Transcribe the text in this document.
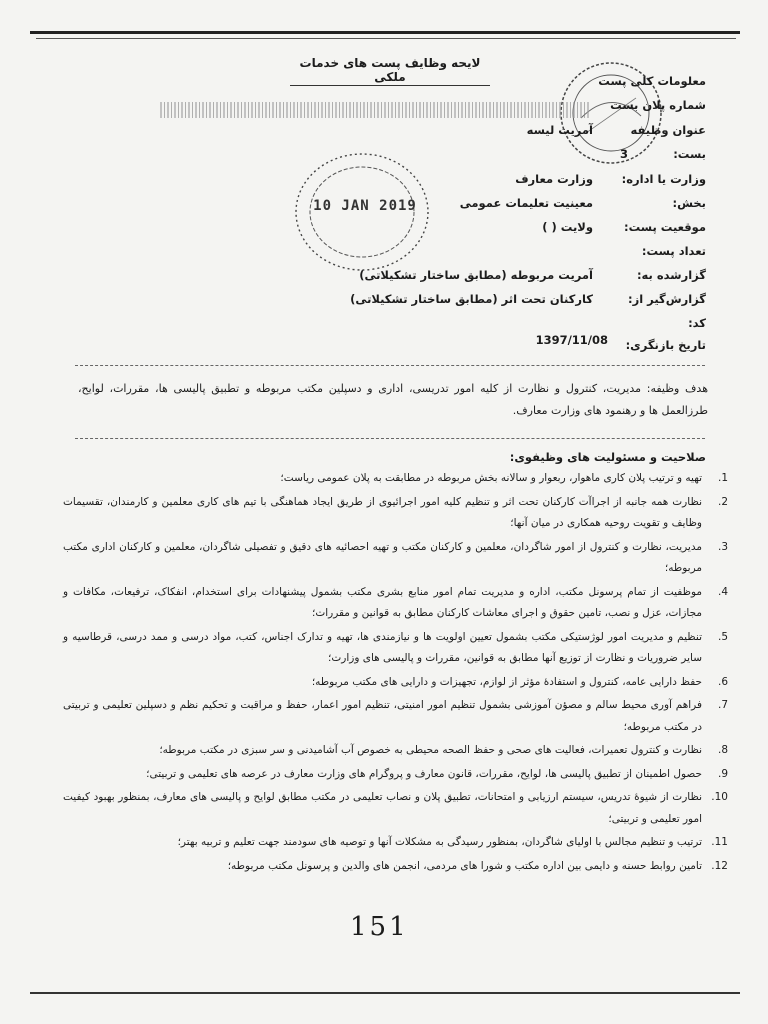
لایحه وظایف پست های خدمات ملکی	معلومات کلی پست
شماره پلان بست
عنوان وظیفه
آمریت لیسه
بست:
3
وزارت یا اداره:
وزارت معارف
بخش:
معینیت تعلیمات عمومی
موقعیت پست:
ولایت ( )
تعداد پست:
گزارشده به:
آمریت مربوطه (مطابق ساختار تشکیلاتی)
گزارش‌گیر از:
کارکنان تحت اثر (مطابق ساختار تشکیلاتی)
کد:
تاریخ بازنگری:
1397/11/08
10 JAN 2019
هدف وظیفه: مدیریت، کنترول و نظارت از کلیه امور تدریسی، اداری و دسپلین مکتب مربوطه و تطبیق پالیسی ها، مقررات، لوایح، طرزالعمل ها و رهنمود های وزارت معارف.
صلاحیت و مسئولیت های وظیفوی:
1.
تهیه و ترتیب پلان کاری ماهوار، ربعوار و سالانه بخش مربوطه در مطابقت به پلان عمومی ریاست؛
2.
نظارت همه جانبه از اجراآت کارکنان تحت اثر و تنظیم کلیه امور اجرائیوی از طریق ایجاد هماهنگی با تیم های کاری معلمین و کارمندان، تقسیمات وظایف و تقویت روحیه همکاری در میان آنها؛
3.
مدیریت، نظارت و کنترول از امور شاگردان، معلمین و کارکنان مکتب و تهیه احصائیه های دقیق و تفصیلی شاگردان، معلمین و کارکنان اداری مکتب مربوطه؛
4.
موظفیت از تمام پرسونل مکتب، اداره و مدیریت تمام امور منابع بشری مکتب بشمول پیشنهادات برای استخدام، انفکاک، ترفیعات، مکافات و مجازات، عزل و نصب، تامین حقوق و اجرای معاشات کارکنان مطابق به قوانین و مقررات؛
5.
تنظیم و مدیریت امور لوژستیکی مکتب بشمول تعیین اولویت ها و نیازمندی ها، تهیه و تدارک اجناس، کتب، مواد درسی و ممد درسی، قرطاسیه و سایر ضروریات و نظارت از توزیع آنها مطابق به قوانین، مقررات و پالیسی های وزارت؛
6.
حفظ دارایی عامه، کنترول و استفادهٔ مؤثر از لوازم، تجهیزات و دارایی های مکتب مربوطه؛
7.
فراهم آوری محیط سالم و مصؤن آموزشی بشمول تنظیم امور امنیتی، تنظیم امور اعمار، حفظ و مراقبت و تحکیم نظم و دسپلین تعلیمی و تربیتی در مکتب مربوطه؛
8.
نظارت و کنترول تعمیرات، فعالیت های صحی و حفظ الصحه محیطی به خصوص آب آشامیدنی و سر سبزی در مکتب مربوطه؛
9.
حصول اطمینان از تطبیق پالیسی ها، لوایح، مقررات، قانون معارف و پروگرام های وزارت معارف در عرصه های تعلیمی و تربیتی؛
10.
نظارت از شیوۀ تدریس، سیستم ارزیابی و امتحانات، تطبیق پلان و نصاب تعلیمی در مکتب مطابق لوایح و پالیسی های معارف، بمنظور بهبود کیفیت امور تعلیمی و تربیتی؛
11.
ترتیب و تنظیم مجالس با اولیای شاگردان، بمنظور رسیدگی به مشکلات آنها و توصیه های سودمند جهت تعلیم و تربیه بهتر؛
12.
تامین روابط حسنه و دایمی بین اداره مکتب و شورا های مردمی، انجمن های والدین و پرسونل مکتب مربوطه؛
151
